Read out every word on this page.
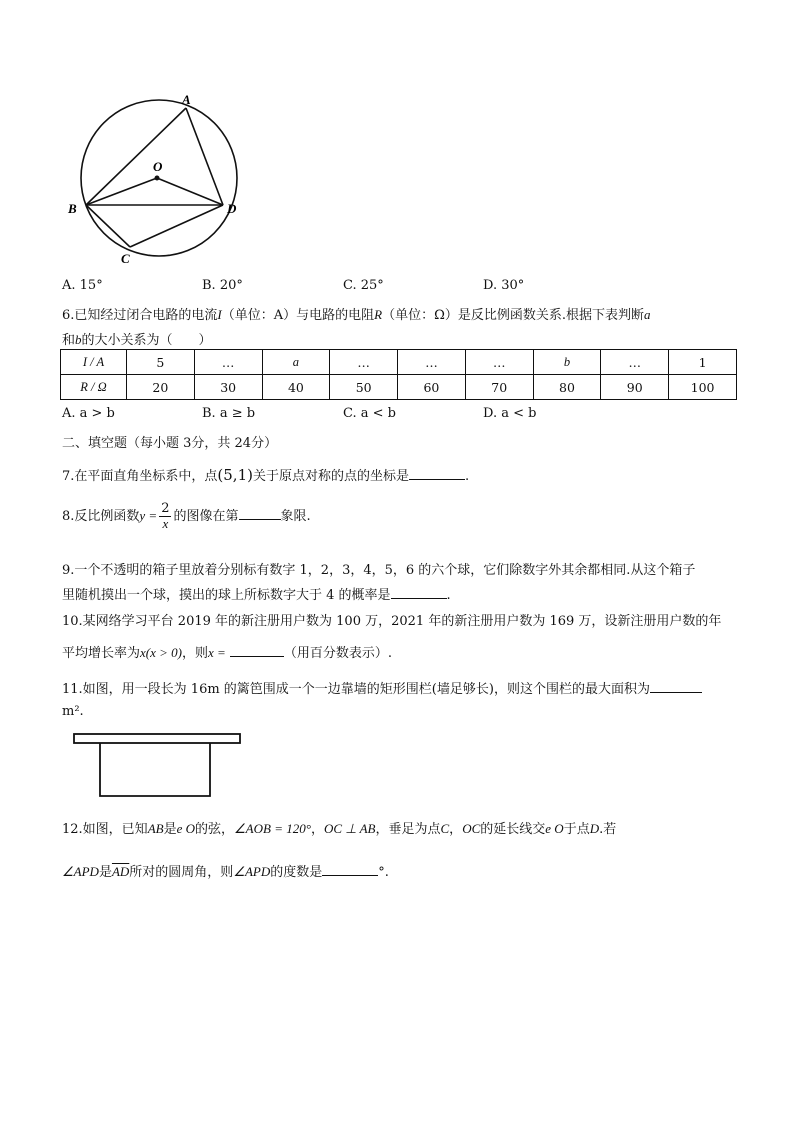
A
O
B	D
C
A. 15°	B. 20°	C. 25°	D. 30°
6.已知经过闭合电路的电流I（单位：A）与电路的电阻R（单位：Ω）是反比例函数关系.根据下表判断a
和b的大小关系为（　　）
I / A	5	…	a	…	…	…	b	…	1
R / Ω	20	30	40	50	60	70	80	90	100
A. a > b	B. a ≥ b	C. a < b	D. a < b
二、填空题（每小题 3分，共 24分）
7.在平面直角坐标系中，点(5,1)关于原点对称的点的坐标是	.
8.反比例函数$y = \frac{2}{x}$ 的图像在第	象限.
9.一个不透明的箱子里放着分别标有数字 1，2，3，4，5，6 的六个球，它们除数字外其余都相同.从这个箱子
里随机摸出一个球，摸出的球上所标数字大于 4 的概率是	.
10.某网络学习平台 2019 年的新注册用户数为 100 万，2021 年的新注册用户数为 169 万，设新注册用户数的年
平均增长率为x(x > 0)，则x =	（用百分数表示）.
11.如图，用一段长为 16m 的篱笆围成一个一边靠墙的矩形围栏(墙足够长)，则这个围栏的最大面积为
m².
12.如图，已知AB是e O的弦，∠AOB = 120°，OC ⊥ AB，垂足为点C，OC的延长线交e O于点D.若
∠APD是$\overline{AD}$所对的圆周角，则∠APD的度数是	°.
